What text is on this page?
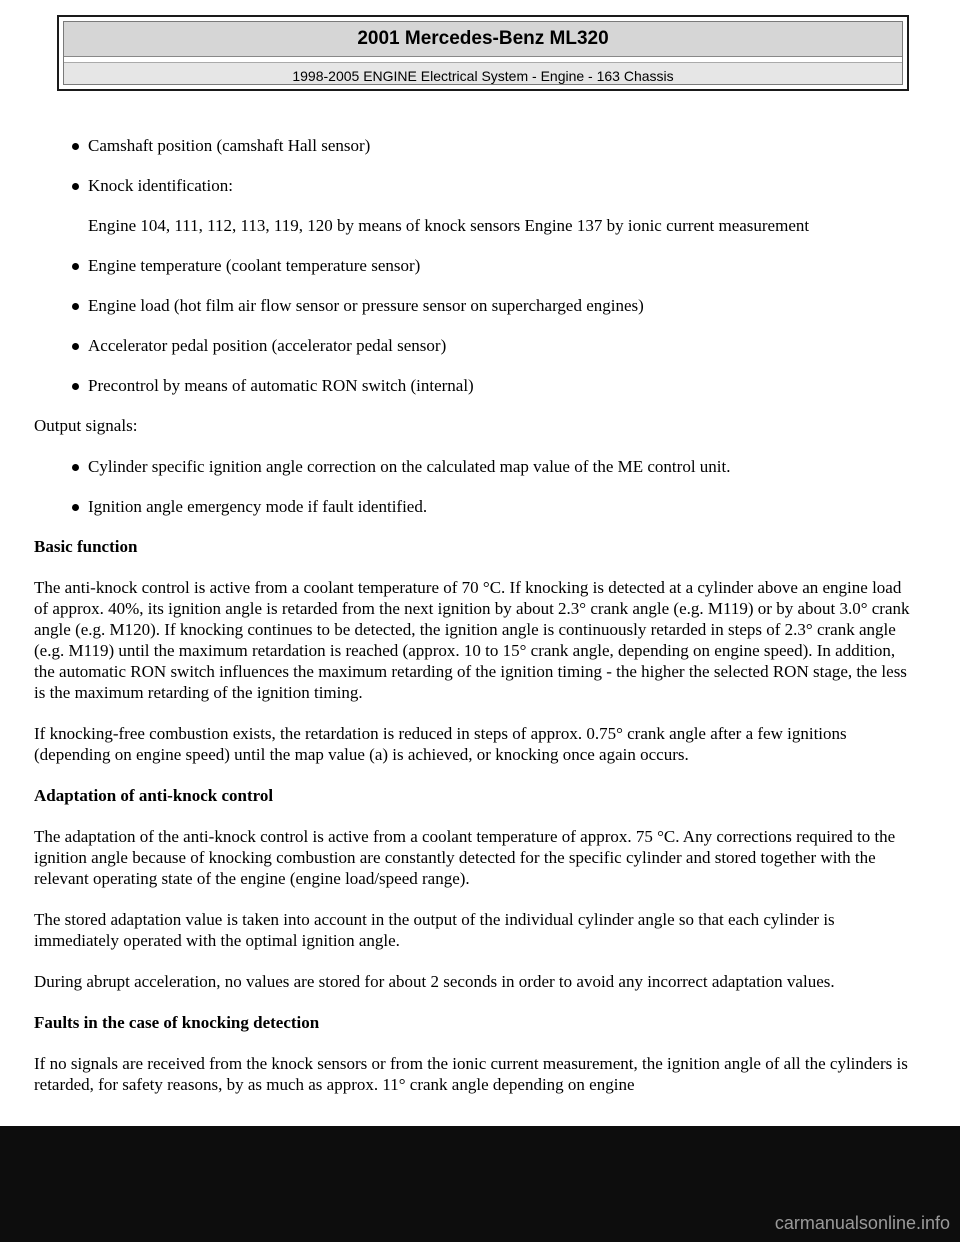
2001 Mercedes-Benz ML320
1998-2005 ENGINE Electrical System - Engine - 163 Chassis
Camshaft position (camshaft Hall sensor)
Knock identification:
Engine 104, 111, 112, 113, 119, 120 by means of knock sensors Engine 137 by ionic current measurement
Engine temperature (coolant temperature sensor)
Engine load (hot film air flow sensor or pressure sensor on supercharged engines)
Accelerator pedal position (accelerator pedal sensor)
Precontrol by means of automatic RON switch (internal)

Output signals:

Cylinder specific ignition angle correction on the calculated map value of the ME control unit.
Ignition angle emergency mode if fault identified.

Basic function

The anti-knock control is active from a coolant temperature of 70 °C. If knocking is detected at a cylinder above an engine load of approx. 40%, its ignition angle is retarded from the next ignition by about 2.3° crank angle (e.g. M119) or by about 3.0° crank angle (e.g. M120). If knocking continues to be detected, the ignition angle is continuously retarded in steps of 2.3° crank angle (e.g. M119) until the maximum retardation is reached (approx. 10 to 15° crank angle, depending on engine speed). In addition, the automatic RON switch influences the maximum retarding of the ignition timing - the higher the selected RON stage, the less is the maximum retarding of the ignition timing.

If knocking-free combustion exists, the retardation is reduced in steps of approx. 0.75° crank angle after a few ignitions (depending on engine speed) until the map value (a) is achieved, or knocking once again occurs.

Adaptation of anti-knock control

The adaptation of the anti-knock control is active from a coolant temperature of approx. 75 °C. Any corrections required to the ignition angle because of knocking combustion are constantly detected for the specific cylinder and stored together with the relevant operating state of the engine (engine load/speed range).

The stored adaptation value is taken into account in the output of the individual cylinder angle so that each cylinder is immediately operated with the optimal ignition angle.

During abrupt acceleration, no values are stored for about 2 seconds in order to avoid any incorrect adaptation values.

Faults in the case of knocking detection

If no signals are received from the knock sensors or from the ionic current measurement, the ignition angle of all the cylinders is retarded, for safety reasons, by as much as approx. 11° crank angle depending on engine

carmanualsonline.info
